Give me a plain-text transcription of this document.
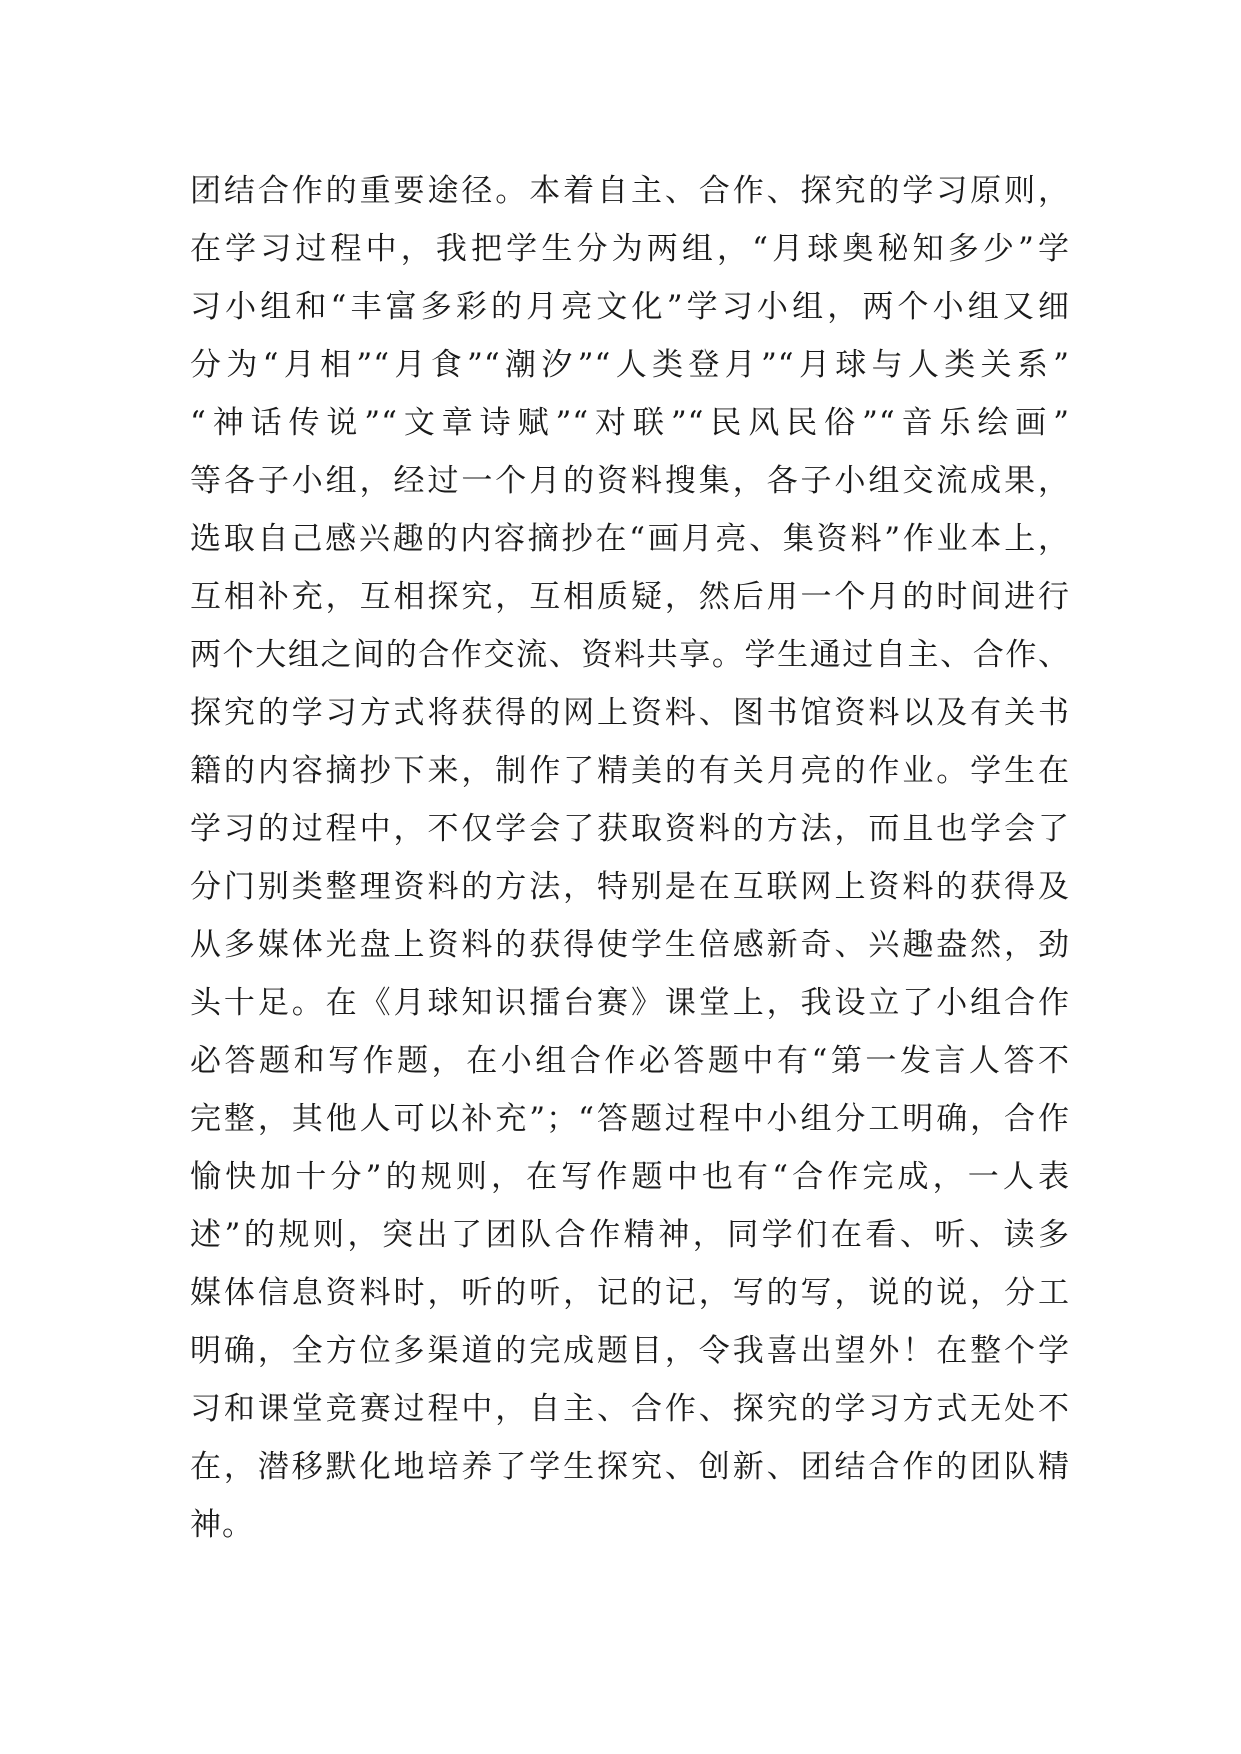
团结合作的重要途径。本着自主、合作、探究的学习原则，
在学习过程中，我把学生分为两组，“月球奥秘知多少”学
习小组和“丰富多彩的月亮文化”学习小组，两个小组又细
分为“月相”“月食”“潮汐”“人类登月”“月球与人类关系”
“神话传说”“文章诗赋”“对联”“民风民俗”“音乐绘画”
等各子小组，经过一个月的资料搜集，各子小组交流成果，
选取自己感兴趣的内容摘抄在“画月亮、集资料”作业本上，
互相补充，互相探究，互相质疑，然后用一个月的时间进行
两个大组之间的合作交流、资料共享。学生通过自主、合作、
探究的学习方式将获得的网上资料、图书馆资料以及有关书
籍的内容摘抄下来，制作了精美的有关月亮的作业。学生在
学习的过程中，不仅学会了获取资料的方法，而且也学会了
分门别类整理资料的方法，特别是在互联网上资料的获得及
从多媒体光盘上资料的获得使学生倍感新奇、兴趣盎然，劲
头十足。在《月球知识擂台赛》课堂上，我设立了小组合作
必答题和写作题，在小组合作必答题中有“第一发言人答不
完整，其他人可以补充”；“答题过程中小组分工明确，合作
愉快加十分”的规则，在写作题中也有“合作完成，一人表
述”的规则，突出了团队合作精神，同学们在看、听、读多
媒体信息资料时，听的听，记的记，写的写，说的说，分工
明确，全方位多渠道的完成题目，令我喜出望外！在整个学
习和课堂竞赛过程中，自主、合作、探究的学习方式无处不
在，潜移默化地培养了学生探究、创新、团结合作的团队精
神。
